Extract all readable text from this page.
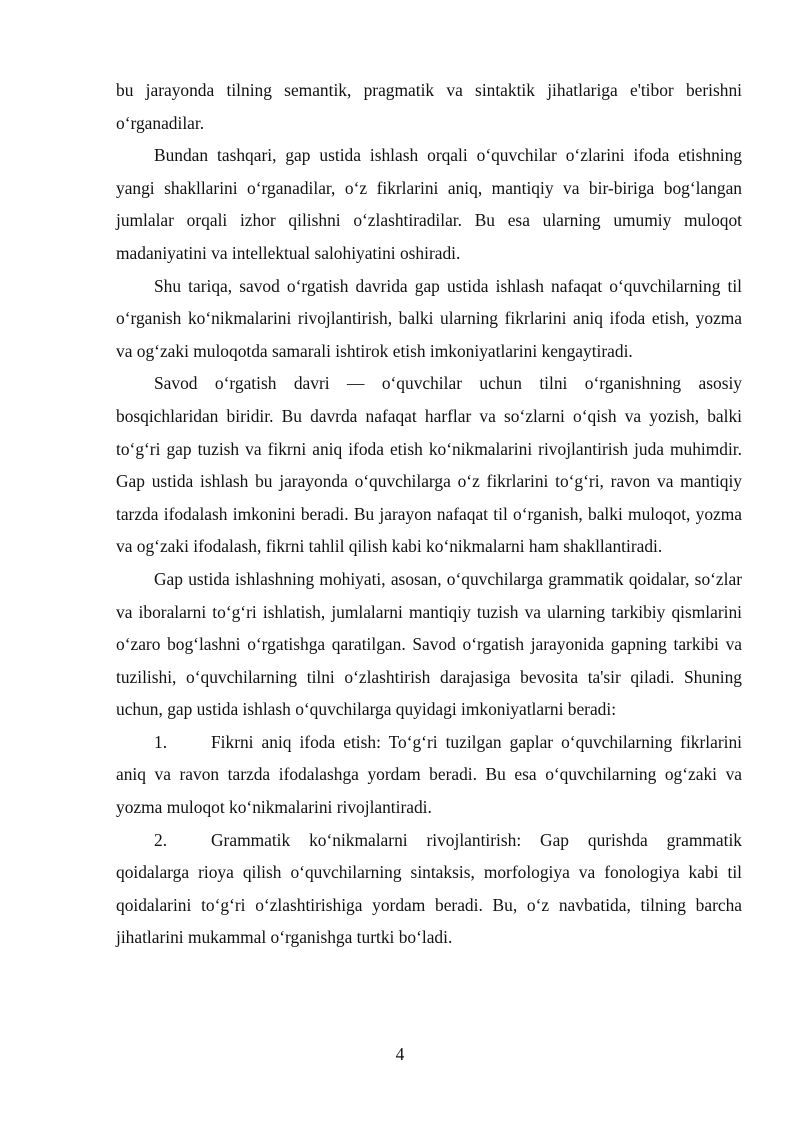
bu jarayonda tilning semantik, pragmatik va sintaktik jihatlariga e'tibor berishni o‘rganadilar.

Bundan tashqari, gap ustida ishlash orqali o‘quvchilar o‘zlarini ifoda etishning yangi shakllarini o‘rganadilar, o‘z fikrlarini aniq, mantiqiy va bir-biriga bog‘langan jumlalar orqali izhor qilishni o‘zlashtiradilar. Bu esa ularning umumiy muloqot madaniyatini va intellektual salohiyatini oshiradi.

Shu tariqa, savod o‘rgatish davrida gap ustida ishlash nafaqat o‘quvchilarning til o‘rganish ko‘nikmalarini rivojlantirish, balki ularning fikrlarini aniq ifoda etish, yozma va og‘zaki muloqotda samarali ishtirok etish imkoniyatlarini kengaytiradi.

Savod o‘rgatish davri — o‘quvchilar uchun tilni o‘rganishning asosiy bosqichlaridan biridir. Bu davrda nafaqat harflar va so‘zlarni o‘qish va yozish, balki to‘g‘ri gap tuzish va fikrni aniq ifoda etish ko‘nikmalarini rivojlantirish juda muhimdir. Gap ustida ishlash bu jarayonda o‘quvchilarga o‘z fikrlarini to‘g‘ri, ravon va mantiqiy tarzda ifodalash imkonini beradi. Bu jarayon nafaqat til o‘rganish, balki muloqot, yozma va og‘zaki ifodalash, fikrni tahlil qilish kabi ko‘nikmalarni ham shakllantiradi.

Gap ustida ishlashning mohiyati, asosan, o‘quvchilarga grammatik qoidalar, so‘zlar va iboralarni to‘g‘ri ishlatish, jumlalarni mantiqiy tuzish va ularning tarkibiy qismlarini o‘zaro bog‘lashni o‘rgatishga qaratilgan. Savod o‘rgatish jarayonida gapning tarkibi va tuzilishi, o‘quvchilarning tilni o‘zlashtirish darajasiga bevosita ta'sir qiladi. Shuning uchun, gap ustida ishlash o‘quvchilarga quyidagi imkoniyatlarni beradi:

1.	Fikrni aniq ifoda etish: To‘g‘ri tuzilgan gaplar o‘quvchilarning fikrlarini aniq va ravon tarzda ifodalashga yordam beradi. Bu esa o‘quvchilarning og‘zaki va yozma muloqot ko‘nikmalarini rivojlantiradi.

2.	Grammatik ko‘nikmalarni rivojlantirish: Gap qurishda grammatik qoidalarga rioya qilish o‘quvchilarning sintaksis, morfologiya va fonologiya kabi til qoidalarini to‘g‘ri o‘zlashtirishiga yordam beradi. Bu, o‘z navbatida, tilning barcha jihatlarini mukammal o‘rganishga turtki bo‘ladi.

4
